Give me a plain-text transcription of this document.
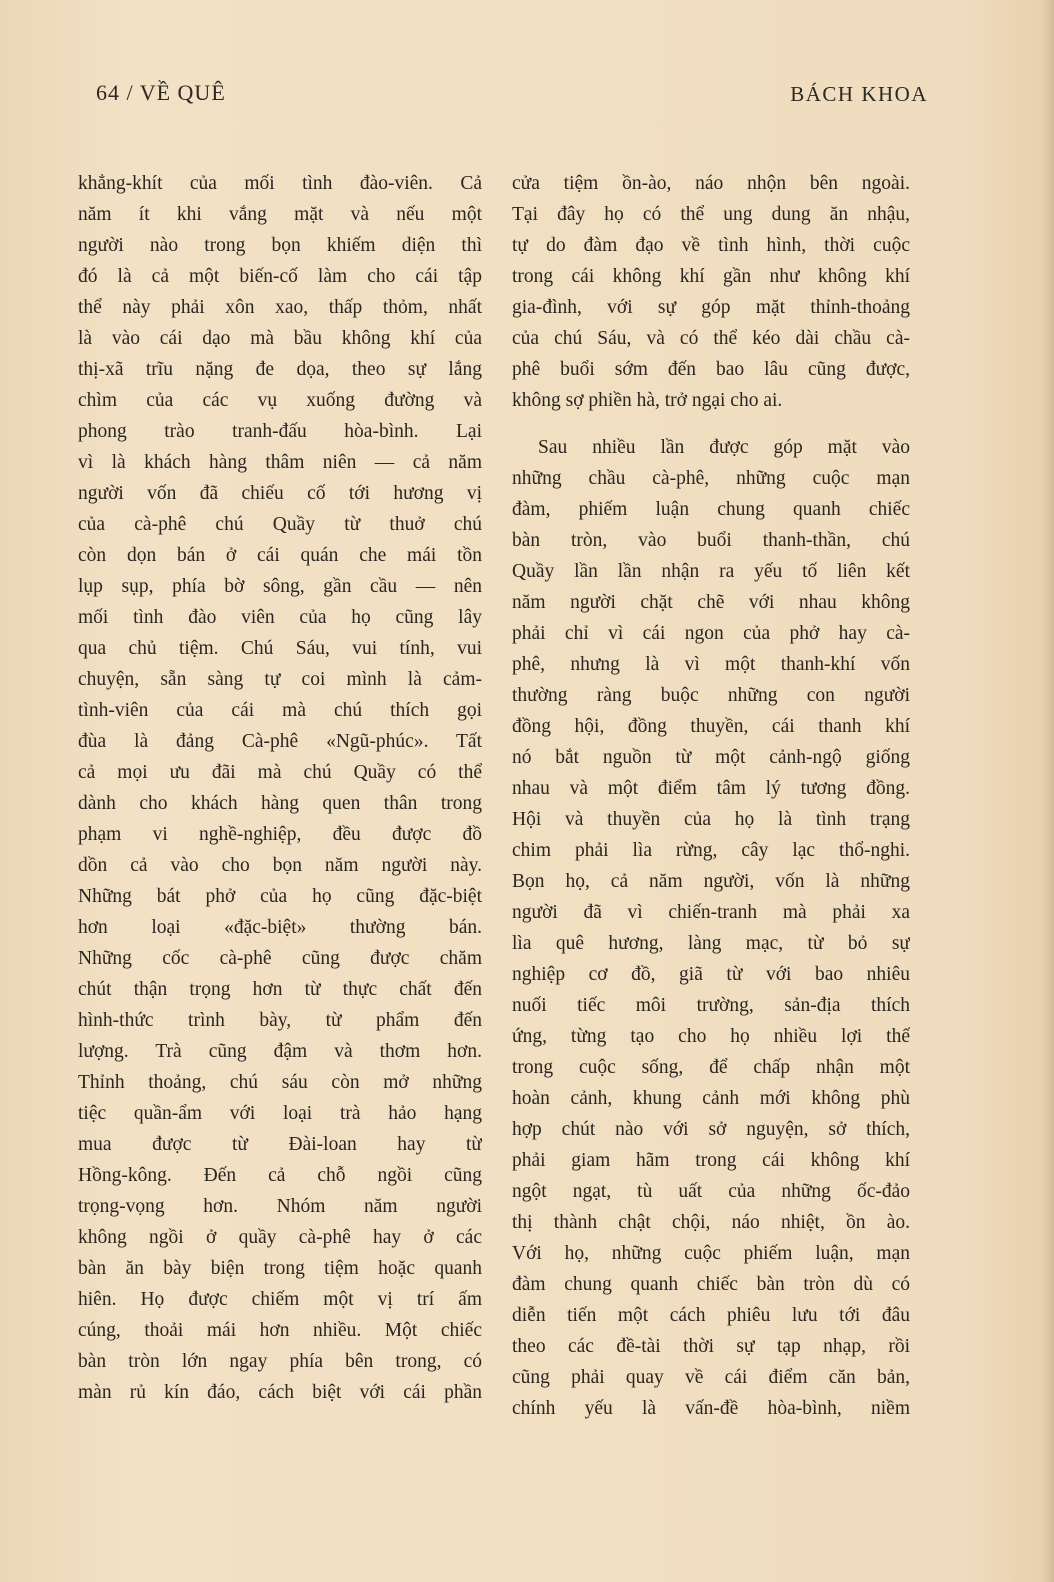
64 / VỀ QUÊ	BÁCH KHOA
khẳng-khít của mối tình đào-viên. Cả
năm ít khi vắng mặt và nếu một
người nào trong bọn khiếm diện thì
đó là cả một biến-cố làm cho cái tập
thể này phải xôn xao, thấp thỏm, nhất
là vào cái dạo mà bầu không khí của
thị-xã trĩu nặng đe dọa, theo sự lắng
chìm của các vụ xuống đường và
phong trào tranh-đấu hòa-bình. Lại
vì là khách hàng thâm niên — cả năm
người vốn đã chiếu cố tới hương vị
của cà-phê chú Quầy từ thuở chú
còn dọn bán ở cái quán che mái tồn
lụp sụp, phía bờ sông, gần cầu — nên
mối tình đào viên của họ cũng lây
qua chủ tiệm. Chú Sáu, vui tính, vui
chuyện, sẵn sàng tự coi mình là cảm-
tình-viên của cái mà chú thích gọi
đùa là đảng Cà-phê «Ngũ-phúc». Tất
cả mọi ưu đãi mà chú Quầy có thể
dành cho khách hàng quen thân trong
phạm vi nghề-nghiệp, đều được đồ
dồn cả vào cho bọn năm người này.
Những bát phở của họ cũng đặc-biệt
hơn loại «đặc-biệt» thường bán.
Những cốc cà-phê cũng được chăm
chút thận trọng hơn từ thực chất đến
hình-thức trình bày, từ phẩm đến
lượng. Trà cũng đậm và thơm hơn.
Thỉnh thoảng, chú sáu còn mở những
tiệc quần-ẩm với loại trà hảo hạng
mua được từ Đài-loan hay từ
Hồng-kông. Đến cả chỗ ngồi cũng
trọng-vọng hơn. Nhóm năm người
không ngồi ở quầy cà-phê hay ở các
bàn ăn bày biện trong tiệm hoặc quanh
hiên. Họ được chiếm một vị trí ấm
cúng, thoải mái hơn nhiều. Một chiếc
bàn tròn lớn ngay phía bên trong, có
màn rủ kín đáo, cách biệt với cái phần
cửa tiệm ồn-ào, náo nhộn bên ngoài.
Tại đây họ có thể ung dung ăn nhậu,
tự do đàm đạo về tình hình, thời cuộc
trong cái không khí gần như không khí
gia-đình, với sự góp mặt thỉnh-thoảng
của chú Sáu, và có thể kéo dài chầu cà-
phê buổi sớm đến bao lâu cũng được,
không sợ phiền hà, trở ngại cho ai.
Sau nhiều lần được góp mặt vào
những chầu cà-phê, những cuộc mạn
đàm, phiếm luận chung quanh chiếc
bàn tròn, vào buổi thanh-thần, chú
Quầy lần lần nhận ra yếu tố liên kết
năm người chặt chẽ với nhau không
phải chỉ vì cái ngon của phở hay cà-
phê, nhưng là vì một thanh-khí vốn
thường ràng buộc những con người
đồng hội, đồng thuyền, cái thanh khí
nó bắt nguồn từ một cảnh-ngộ giống
nhau và một điểm tâm lý tương đồng.
Hội và thuyền của họ là tình trạng
chim phải lìa rừng, cây lạc thổ-nghi.
Bọn họ, cả năm người, vốn là những
người đã vì chiến-tranh mà phải xa
lìa quê hương, làng mạc, từ bỏ sự
nghiệp cơ đồ, giã từ với bao nhiêu
nuối tiếc môi trường, sản-địa thích
ứng, từng tạo cho họ nhiều lợi thế
trong cuộc sống, để chấp nhận một
hoàn cảnh, khung cảnh mới không phù
hợp chút nào với sở nguyện, sở thích,
phải giam hãm trong cái không khí
ngột ngạt, tù uất của những ốc-đảo
thị thành chật chội, náo nhiệt, ồn ào.
Với họ, những cuộc phiếm luận, mạn
đàm chung quanh chiếc bàn tròn dù có
diễn tiến một cách phiêu lưu tới đâu
theo các đề-tài thời sự tạp nhạp, rồi
cũng phải quay về cái điểm căn bản,
chính yếu là vấn-đề hòa-bình, niềm
